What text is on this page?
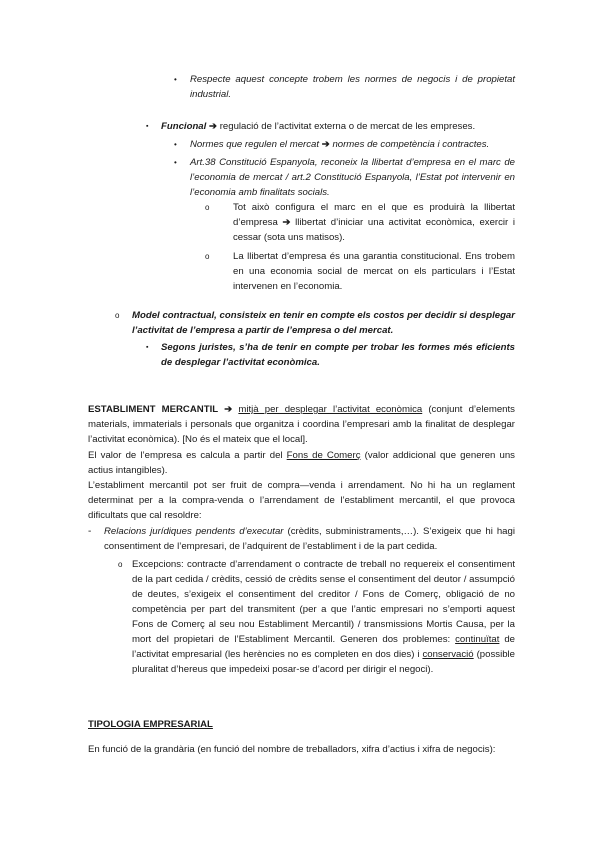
• Respecte aquest concepte trobem les normes de negocis i de propietat industrial.

▪ Funcional ➔ regulació de l’activitat externa o de mercat de les empreses.

• Normes que regulen el mercat ➔ normes de competència i contractes.

• Art.38 Constitució Espanyola, reconeix la llibertat d’empresa en el marc de l’economia de mercat / art.2 Constitució Espanyola, l’Estat pot intervenir en l’economia amb finalitats socials.

o Tot això configura el marc en el que es produirà la llibertat d’empresa ➔ llibertat d’iniciar una activitat econòmica, exercir i cessar (sota uns matisos).

o La llibertat d’empresa és una garantia constitucional. Ens trobem en una economia social de mercat on els particulars i l’Estat intervenen en l’economia.

o Model contractual, consisteix en tenir en compte els costos per decidir si desplegar l’activitat de l’empresa a partir de l’empresa o del mercat.

▪ Segons juristes, s’ha de tenir en compte per trobar les formes més eficients de desplegar l’activitat econòmica.

ESTABLIMENT MERCANTIL ➔ mitjà per desplegar l’activitat econòmica (conjunt d’elements materials, immaterials i personals que organitza i coordina l’empresari amb la finalitat de desplegar l’activitat econòmica). [No és el mateix que el local].

El valor de l’empresa es calcula a partir del Fons de Comerç (valor addicional que generen uns actius intangibles).

L’establiment mercantil pot ser fruit de compra—venda i arrendament. No hi ha un reglament determinat per a la compra-venda o l’arrendament de l’establiment mercantil, el que provoca dificultats que cal resoldre:

- Relacions jurídiques pendents d’executar (crèdits, subministraments,…). S’exigeix que hi hagi consentiment de l’empresari, de l’adquirent de l’establiment i de la part cedida.

o Excepcions: contracte d’arrendament o contracte de treball no requereix el consentiment de la part cedida / crèdits, cessió de crèdits sense el consentiment del deutor / assumpció de deutes, s’exigeix el consentiment del creditor / Fons de Comerç, obligació de no competència per part del transmitent (per a que l’antic empresari no s’emporti aquest Fons de Comerç al seu nou Establiment Mercantil) / transmissions Mortis Causa, per la mort del propietari de l’Establiment Mercantil. Generen dos problemes: continuïtat de l’activitat empresarial (les herències no es completen en dos dies) i conservació (possible pluralitat d’hereus que impedeixi posar-se d’acord per dirigir el negoci).

TIPOLOGIA EMPRESARIAL

En funció de la grandària (en funció del nombre de treballadors, xifra d’actius i xifra de negocis):
